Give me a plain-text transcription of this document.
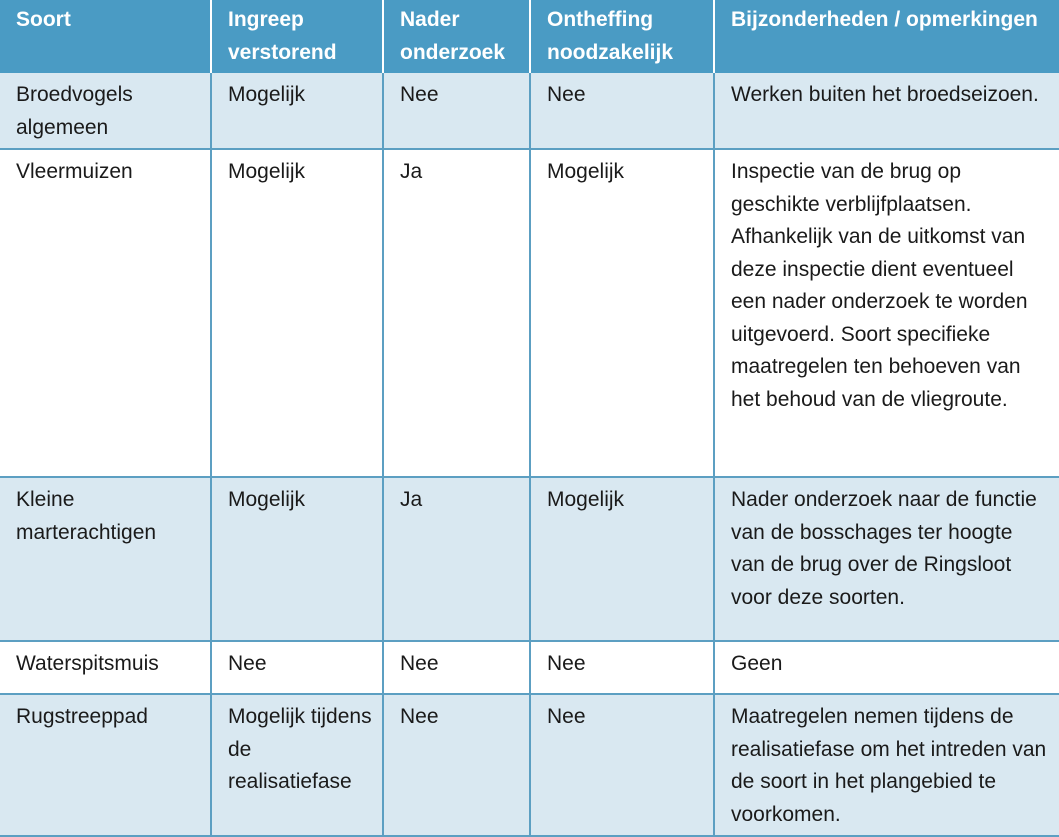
Soort	Ingreep verstorend	Nader onderzoek	Ontheffing noodzakelijk	Bijzonderheden / opmerkingen
Broedvogels algemeen	Mogelijk	Nee	Nee	Werken buiten het broedseizoen.
Vleermuizen	Mogelijk	Ja	Mogelijk	Inspectie van de brug op geschikte verblijfplaatsen. Afhankelijk van de uitkomst van deze inspectie dient eventueel een nader onderzoek te worden uitgevoerd. Soort specifieke maatregelen ten behoeven van het behoud van de vliegroute.
Kleine marterachtigen	Mogelijk	Ja	Mogelijk	Nader onderzoek naar de functie van de bosschages ter hoogte van de brug over de Ringsloot voor deze soorten.
Waterspitsmuis	Nee	Nee	Nee	Geen
Rugstreeppad	Mogelijk tijdens de realisatiefase	Nee	Nee	Maatregelen nemen tijdens de realisatiefase om het intreden van de soort in het plangebied te voorkomen.
